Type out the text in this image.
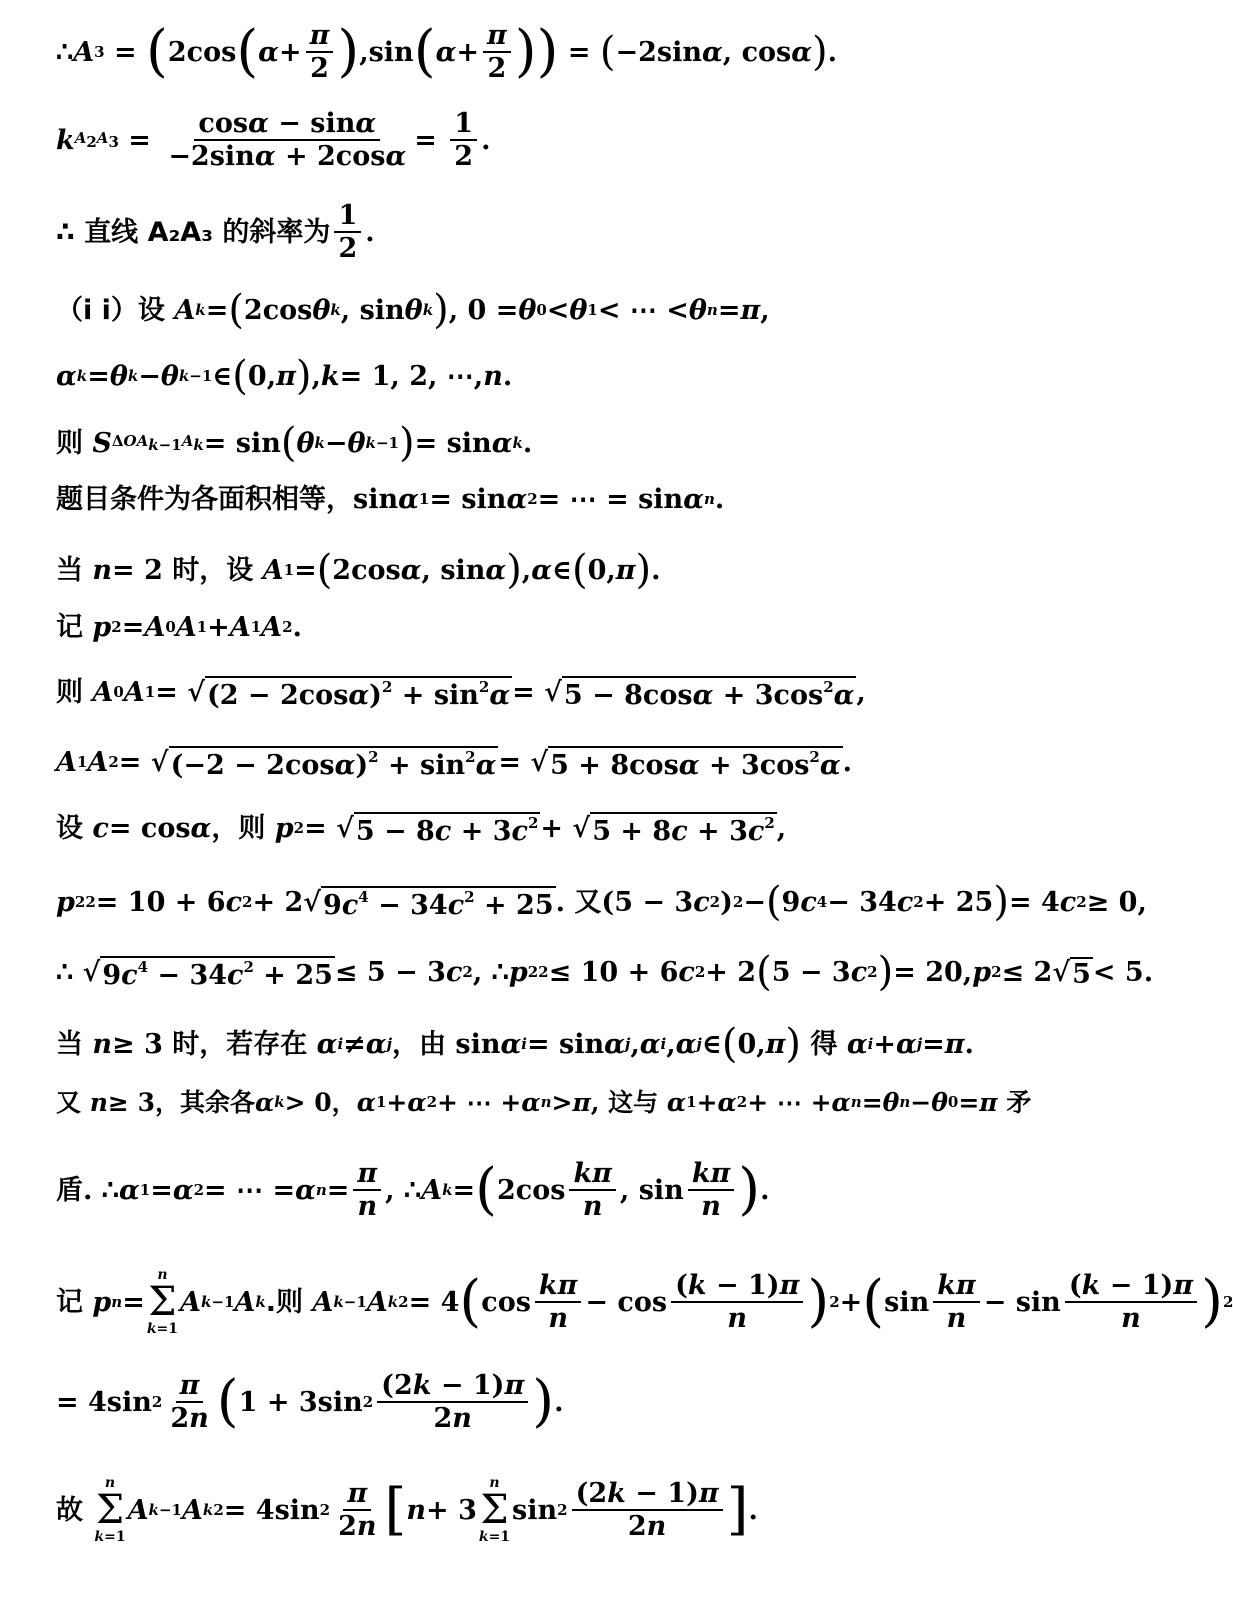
∴ A 3 = ( 2cos ( α +
π
2 ) ,sin ( α +
π
2 ) ) = ( −2sin α , cos α ) .
k $A_2A_3$ =
cosα − sinα
−2sinα + 2cosα
=
1
2
.
∴ 直线 A₂A₃ 的斜率为
1
2
.
（i i）设
A k = ( 2cos θ k , sin θ k ) , 0 = θ 0 < θ 1 < ⋯ < θ n = π ,
α k = θ k − θ k−1 ∈ ( 0, π ) , k = 1, 2, ⋯, n .
则
S $\Delta OA_{k-1}A_k = \sin$ ( θ k − θ k−1 ) = sin α k .
题目条件为各面积相等， sin α 1 = sin α 2 = ⋯ = sin α n .
当
n = 2 时，设
A 1 = ( 2cos α , sin α ) , α ∈ ( 0, π ) .
记
p 2 = A 0 A 1 + A 1 A 2 .
则
A 0 A 1 = √ $(2 - 2\cos\alpha)^2 + \sin^2\alpha$ = √ $5 - 8\cos\alpha + 3\cos^2\alpha$ ,
A 1 A 2 = √ $(-2 - 2\cos\alpha)^2 + \sin^2\alpha$ = √ $5 + 8\cos\alpha + 3\cos^2\alpha$ .
设
c = cos α ，则
p 2 = √ $5 - 8c + 3c^2$ + √ $5 + 8c + 3c^2$ ,
p 2 2 = 10 + 6 c 2 + 2√ $9c^4 - 34c^2 + 25$ . 又 (5 − 3 c 2 ) 2 − ( 9 c 4 − 34 c 2 + 25 ) = 4 c 2 ≥ 0,
∴ √ $9c^4 - 34c^2 + 25 \le 5 - 3$ c 2 , ∴ p 2 2 ≤ 10 + 6 c 2 + 2 ( 5 − 3 c 2 ) = 20, p 2 ≤ 2√ 5 < 5.
当
n ≥ 3 时，若存在
α i ≠ α j ，由 sin α i = sin α j , α i , α j ∈ ( 0, π )
得
α i + α j = π .
又
n ≥ 3 ，其余各 α k > 0， α 1 + α 2 + ⋯ + α n > π , 这与
α 1 + α 2 + ⋯ + α n = θ n − θ 0 = π
矛
盾 . ∴ α 1 = α 2 = ⋯ = α n =
π
n
, ∴ A k = ( 2cos
kπ
n
, sin
kπ
n ) .
记
p n =
n
Σ
k=1
A k−1 A k .则
A k−1 A k 2 = 4 ( cos
kπ
n
− cos
(k − 1)π
n ) 2 + ( sin
kπ
n
− sin
(k − 1)π
n ) 2
= 4sin 2
π
2n ( 1 + 3sin 2
(2k − 1)π
2n ) .
故

n
Σ
k=1
A k−1 A k 2 = 4sin 2
π
2n [ n + 3
n
Σ
k=1
sin 2
(2k − 1)π
2n ] .
